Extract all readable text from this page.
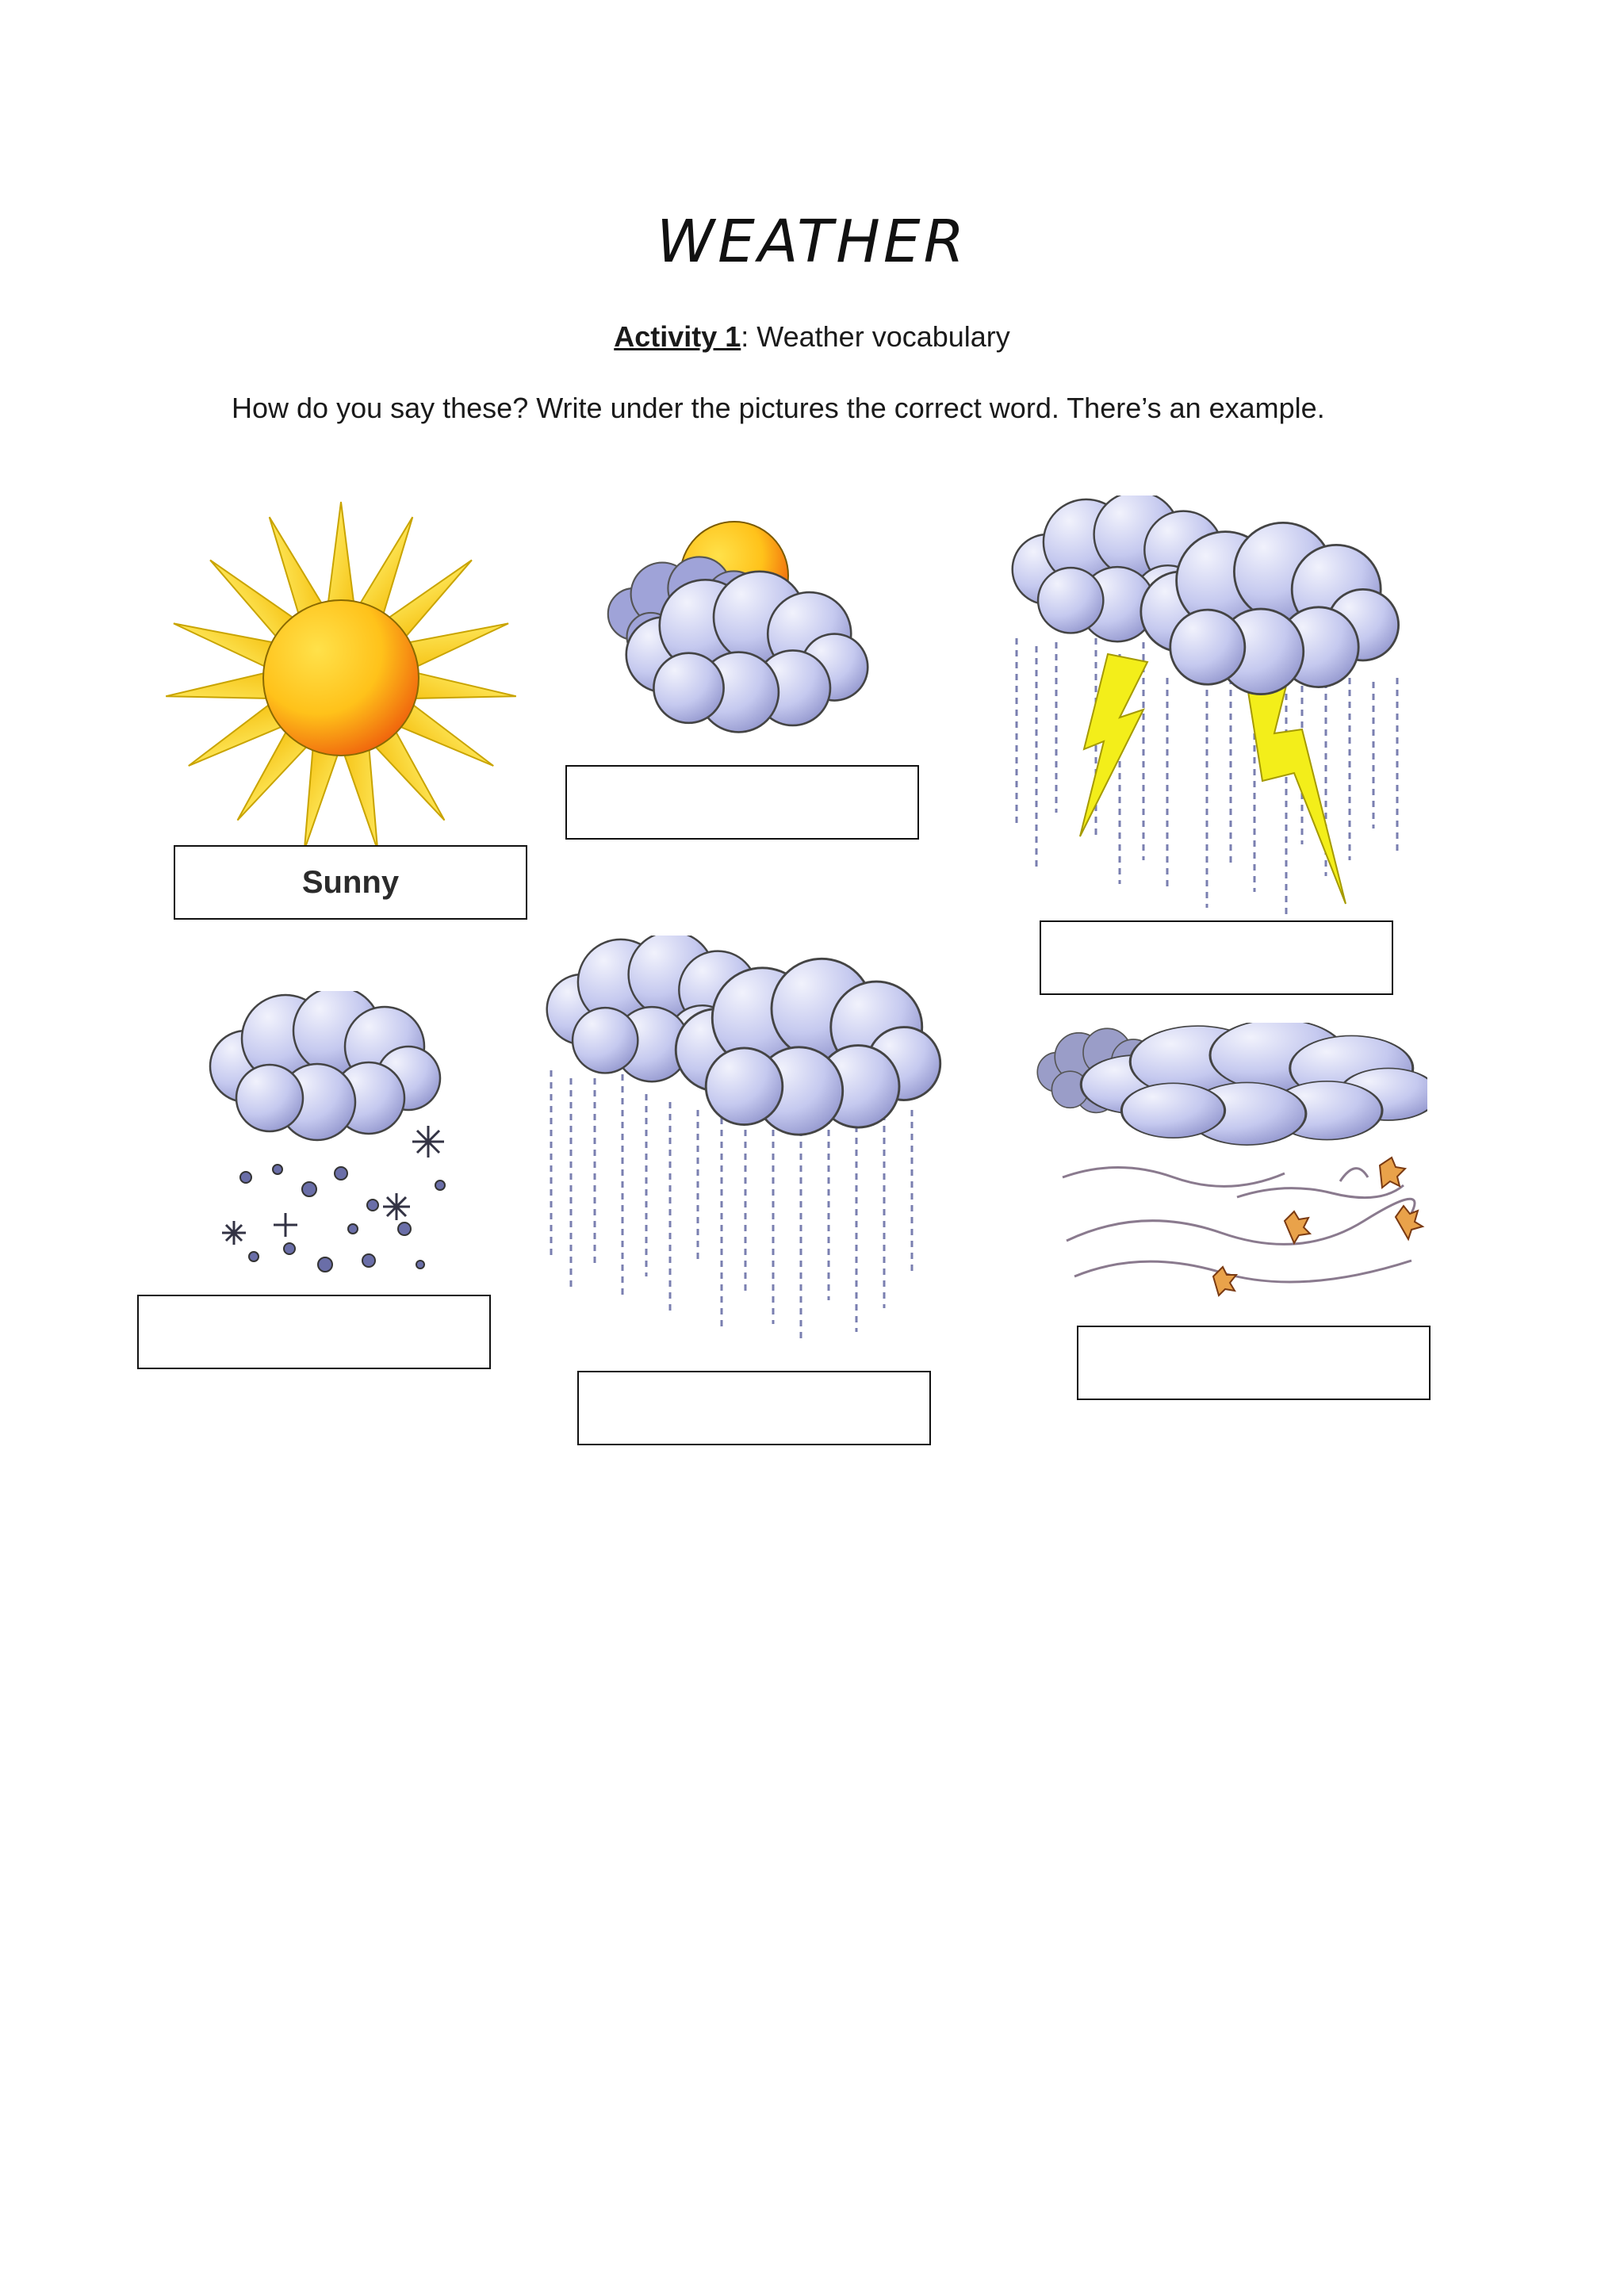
WEATHER
Activity 1: Weather vocabulary
How do you say these? Write under the pictures the correct word. There’s an example.
Sunny
